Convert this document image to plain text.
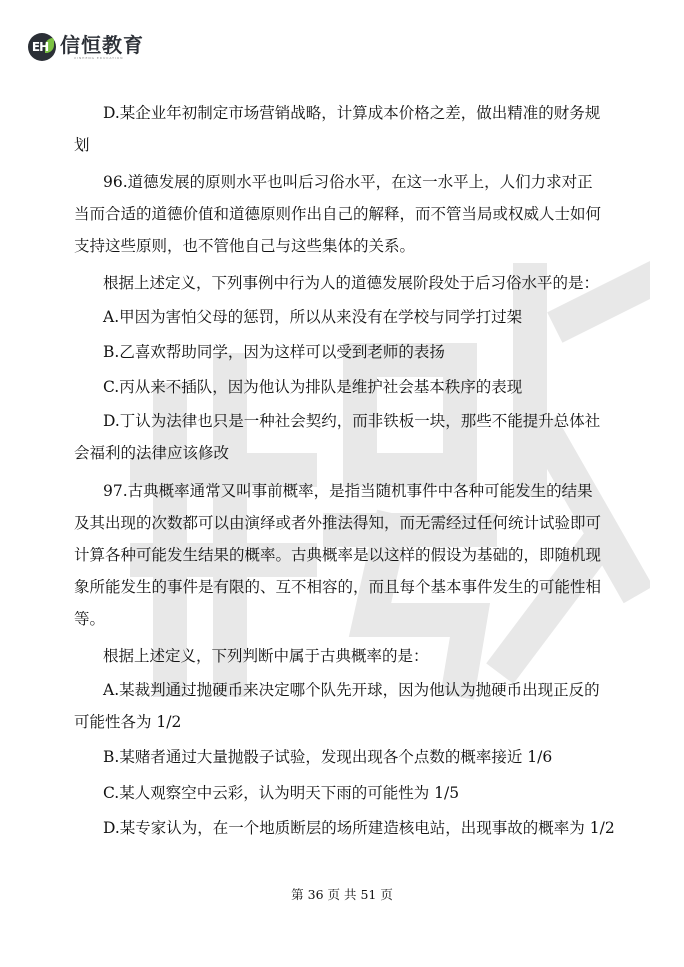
EH 信恒教育
XINHENG EDUCATION
D.某企业年初制定市场营销战略，计算成本价格之差，做出精准的财务规
划
96.道德发展的原则水平也叫后习俗水平，在这一水平上，人们力求对正
当而合适的道德价值和道德原则作出自己的解释，而不管当局或权威人士如何
支持这些原则，也不管他自己与这些集体的关系。
根据上述定义，下列事例中行为人的道德发展阶段处于后习俗水平的是：
A.甲因为害怕父母的惩罚，所以从来没有在学校与同学打过架
B.乙喜欢帮助同学，因为这样可以受到老师的表扬
C.丙从来不插队，因为他认为排队是维护社会基本秩序的表现
D.丁认为法律也只是一种社会契约，而非铁板一块，那些不能提升总体社
会福利的法律应该修改
97.古典概率通常又叫事前概率，是指当随机事件中各种可能发生的结果
及其出现的次数都可以由演绎或者外推法得知，而无需经过任何统计试验即可
计算各种可能发生结果的概率。古典概率是以这样的假设为基础的，即随机现
象所能发生的事件是有限的、互不相容的，而且每个基本事件发生的可能性相
等。
根据上述定义，下列判断中属于古典概率的是：
A.某裁判通过抛硬币来决定哪个队先开球，因为他认为抛硬币出现正反的
可能性各为 1/2
B.某赌者通过大量抛骰子试验，发现出现各个点数的概率接近 1/6
C.某人观察空中云彩，认为明天下雨的可能性为 1/5
D.某专家认为，在一个地质断层的场所建造核电站，出现事故的概率为 1/2
第 36 页 共 51 页
